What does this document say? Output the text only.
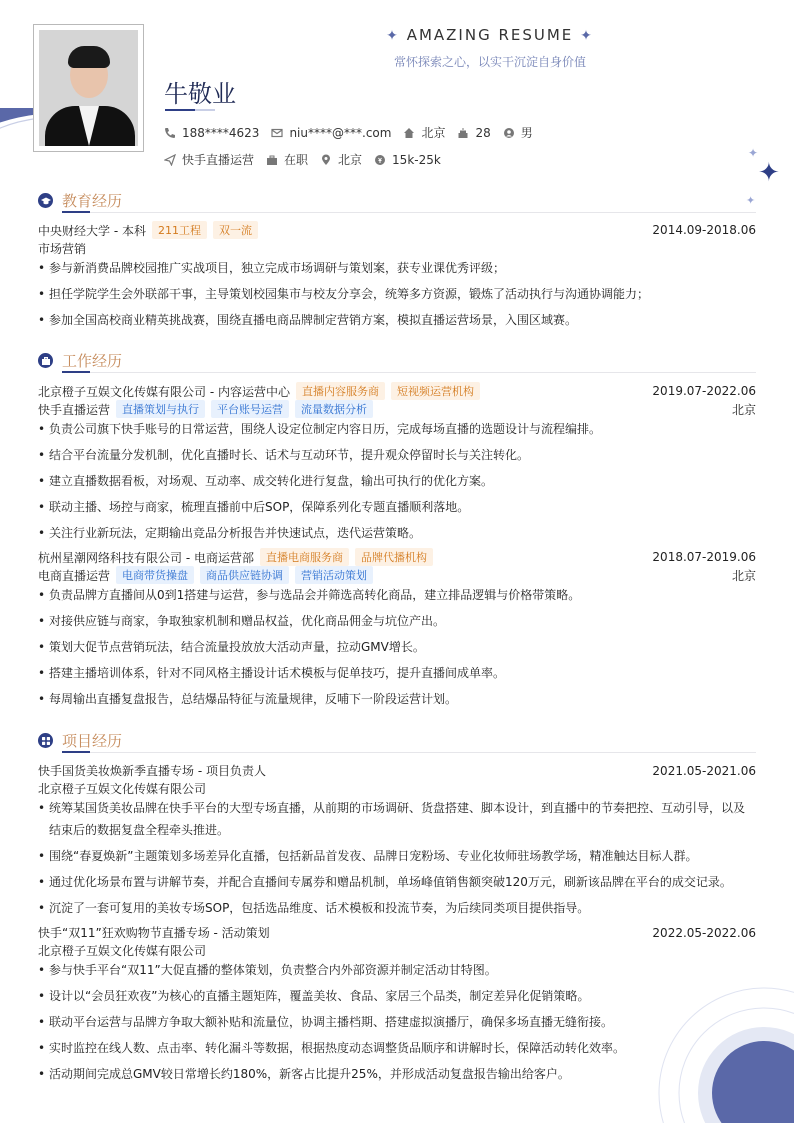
✦
✦
✦
✦ AMAZING RESUME ✦
常怀探索之心，以实干沉淀自身价值
牛敬业
188****4623	niu****@***.com	北京	28	男
快手直播运营	在职	北京	15k-25k
教育经历
中央财经大学 - 本科	211工程	双一流	2014.09-2018.06
市场营销
• 参与新消费品牌校园推广实战项目，独立完成市场调研与策划案，获专业课优秀评级；
• 担任学院学生会外联部干事，主导策划校园集市与校友分享会，统筹多方资源，锻炼了活动执行与沟通协调能力；
• 参加全国高校商业精英挑战赛，围绕直播电商品牌制定营销方案，模拟直播运营场景，入围区域赛。
工作经历
北京橙子互娱文化传媒有限公司 - 内容运营中心	直播内容服务商	短视频运营机构	2019.07-2022.06
快手直播运营	直播策划与执行	平台账号运营	流量数据分析	北京
• 负责公司旗下快手账号的日常运营，围绕人设定位制定内容日历，完成每场直播的选题设计与流程编排。
• 结合平台流量分发机制，优化直播时长、话术与互动环节，提升观众停留时长与关注转化。
• 建立直播数据看板，对场观、互动率、成交转化进行复盘，输出可执行的优化方案。
• 联动主播、场控与商家，梳理直播前中后SOP，保障系列化专题直播顺利落地。
• 关注行业新玩法，定期输出竞品分析报告并快速试点，迭代运营策略。
杭州星潮网络科技有限公司 - 电商运营部	直播电商服务商	品牌代播机构	2018.07-2019.06
电商直播运营	电商带货操盘	商品供应链协调	营销活动策划	北京
• 负责品牌方直播间从0到1搭建与运营，参与选品会并筛选高转化商品，建立排品逻辑与价格带策略。
• 对接供应链与商家，争取独家机制和赠品权益，优化商品佣金与坑位产出。
• 策划大促节点营销玩法，结合流量投放放大活动声量，拉动GMV增长。
• 搭建主播培训体系，针对不同风格主播设计话术模板与促单技巧，提升直播间成单率。
• 每周输出直播复盘报告，总结爆品特征与流量规律，反哺下一阶段运营计划。
项目经历
快手国货美妆焕新季直播专场 - 项目负责人	2021.05-2021.06
北京橙子互娱文化传媒有限公司
• 统筹某国货美妆品牌在快手平台的大型专场直播，从前期的市场调研、货盘搭建、脚本设计，到直播中的节奏把控、互动引导，以及
结束后的数据复盘全程牵头推进。
• 围绕“春夏焕新”主题策划多场差异化直播，包括新品首发夜、品牌日宠粉场、专业化妆师驻场教学场，精准触达目标人群。
• 通过优化场景布置与讲解节奏，并配合直播间专属券和赠品机制，单场峰值销售额突破120万元，刷新该品牌在平台的成交记录。
• 沉淀了一套可复用的美妆专场SOP，包括选品维度、话术模板和投流节奏，为后续同类项目提供指导。
快手“双11”狂欢购物节直播专场 - 活动策划	2022.05-2022.06
北京橙子互娱文化传媒有限公司
• 参与快手平台“双11”大促直播的整体策划，负责整合内外部资源并制定活动甘特图。
• 设计以“会员狂欢夜”为核心的直播主题矩阵，覆盖美妆、食品、家居三个品类，制定差异化促销策略。
• 联动平台运营与品牌方争取大额补贴和流量位，协调主播档期、搭建虚拟演播厅，确保多场直播无缝衔接。
• 实时监控在线人数、点击率、转化漏斗等数据，根据热度动态调整货品顺序和讲解时长，保障活动转化效率。
• 活动期间完成总GMV较日常增长约180%，新客占比提升25%，并形成活动复盘报告输出给客户。
